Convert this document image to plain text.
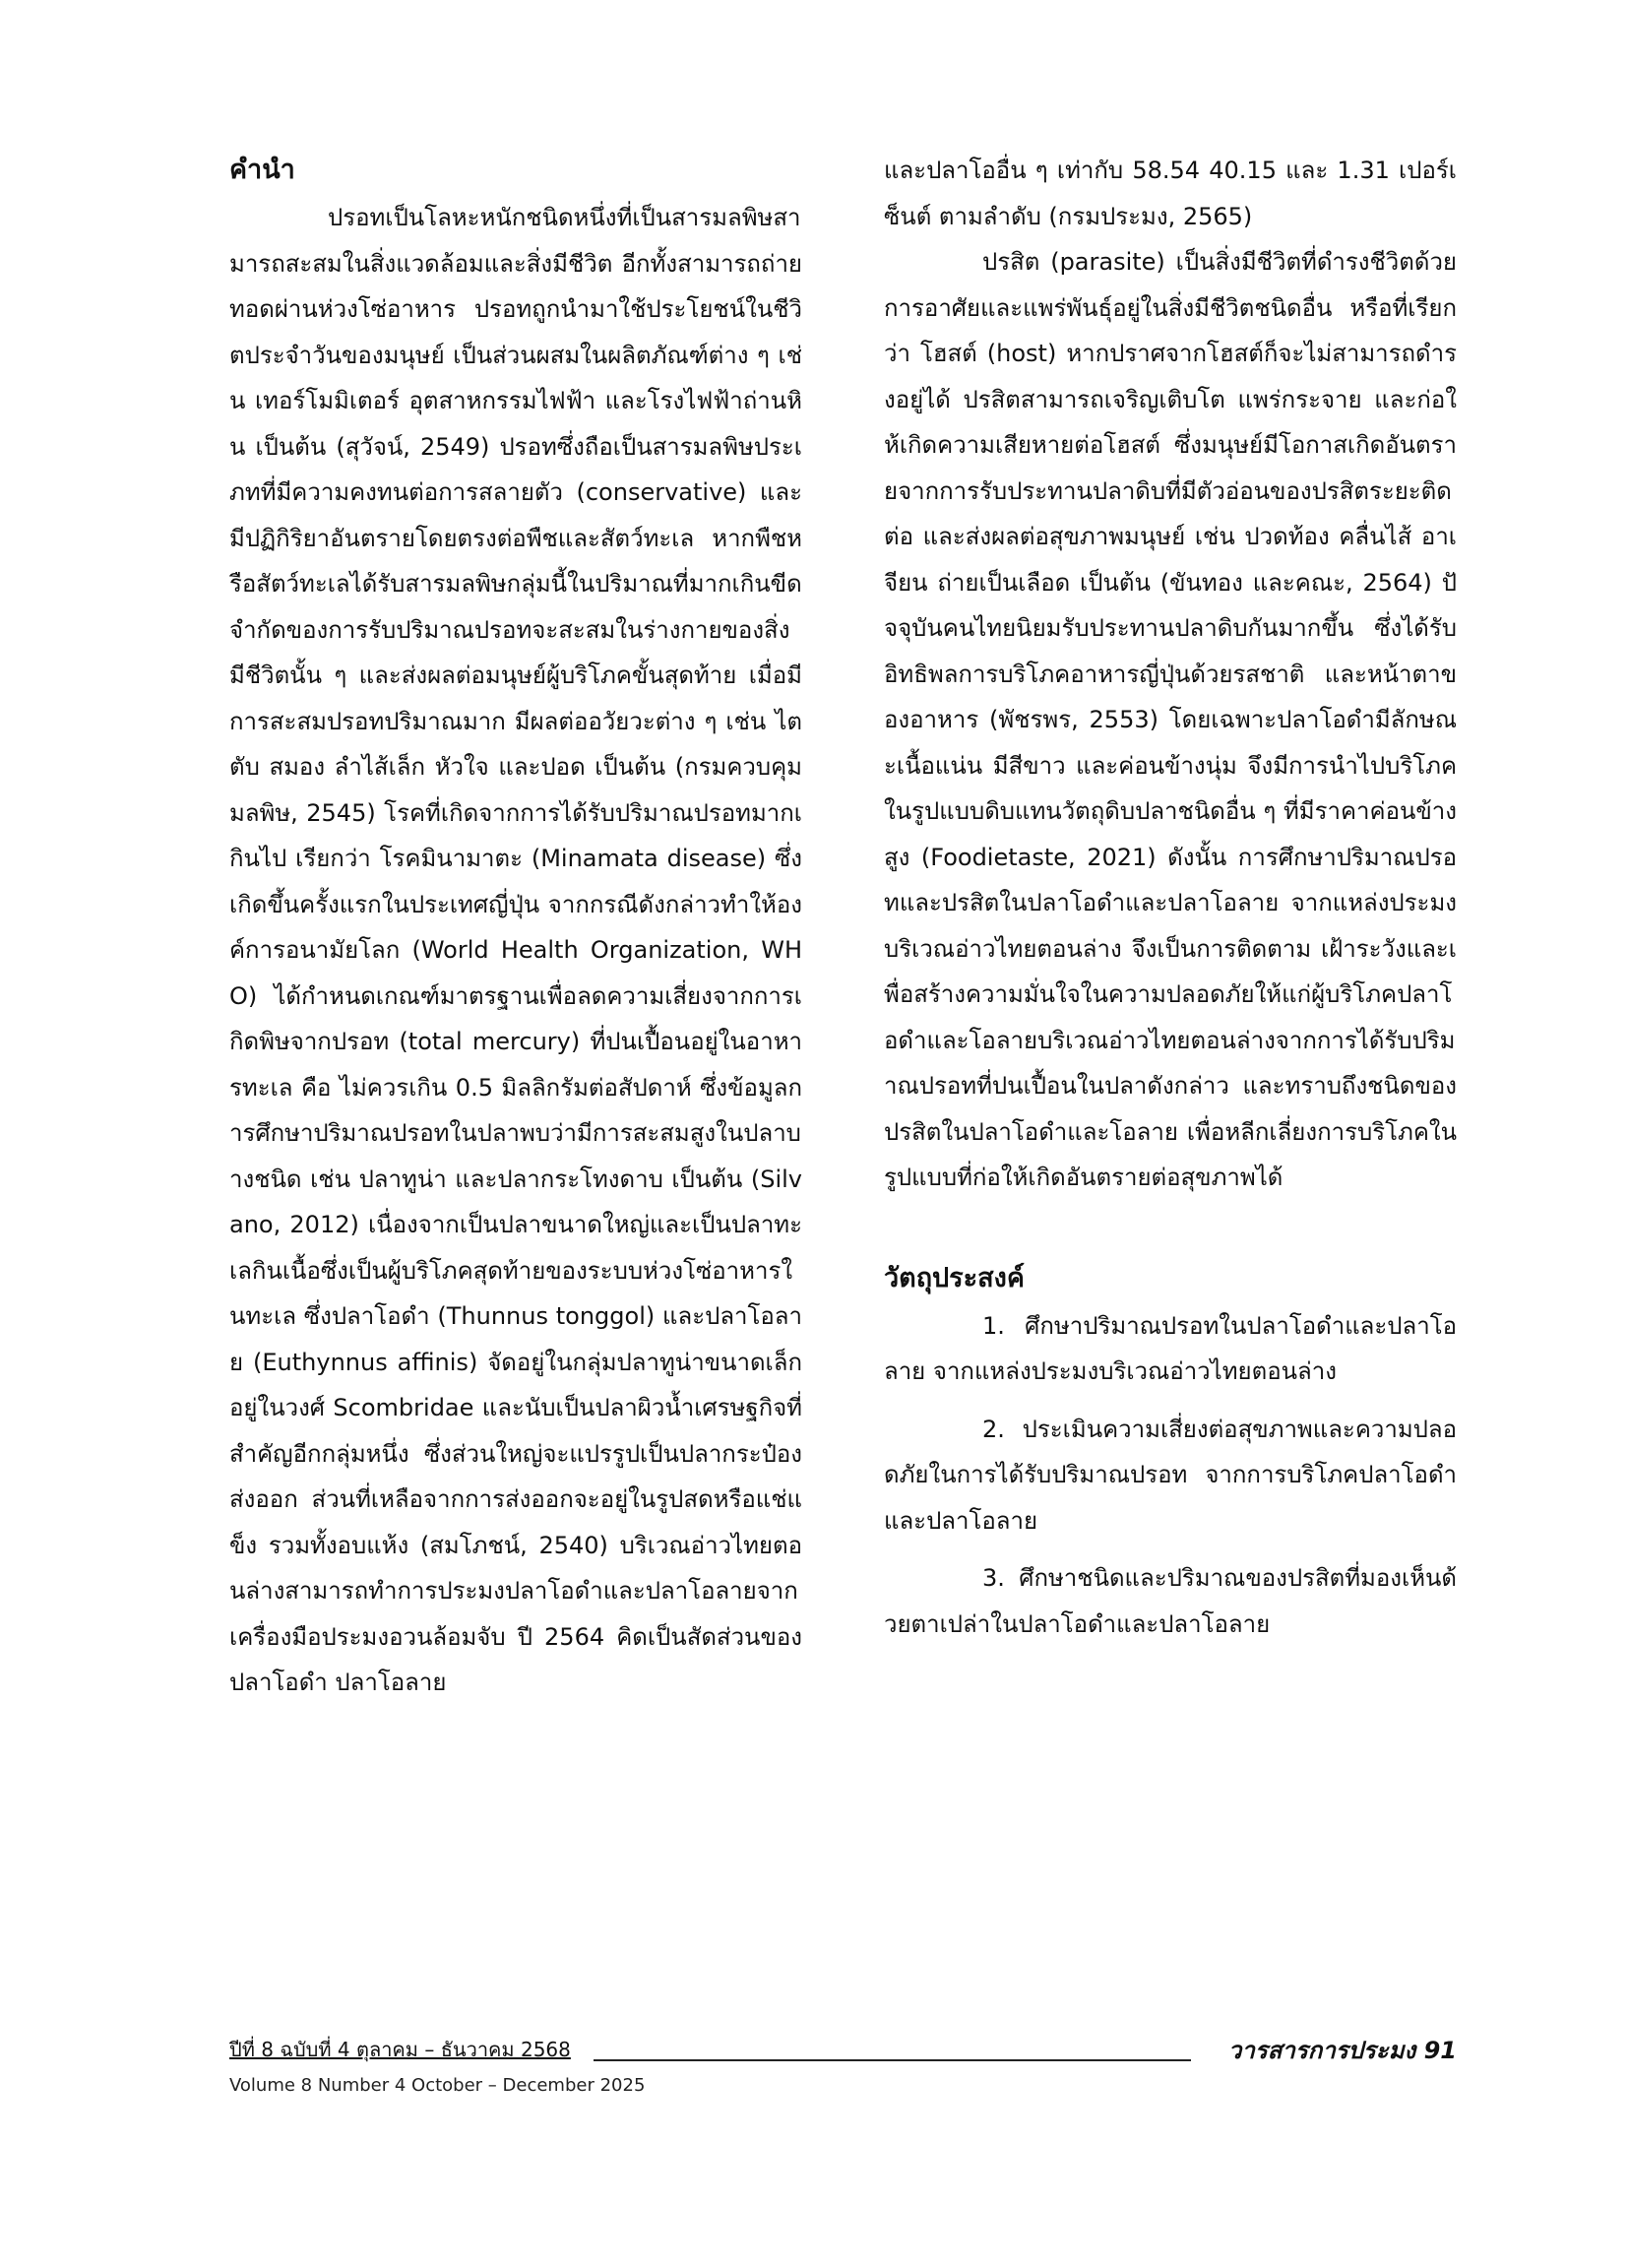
คำนำ

ปรอทเป็นโลหะหนักชนิดหนึ่งที่เป็นสารมลพิษสามารถสะสมในสิ่งแวดล้อมและสิ่งมีชีวิต อีกทั้งสามารถถ่ายทอดผ่านห่วงโซ่อาหาร ปรอทถูกนำมาใช้ประโยชน์ในชีวิตประจำวันของมนุษย์ เป็นส่วนผสมในผลิตภัณฑ์ต่าง ๆ เช่น เทอร์โมมิเตอร์ อุตสาหกรรมไฟฟ้า และโรงไฟฟ้าถ่านหิน เป็นต้น (สุวัจน์, 2549) ปรอทซึ่งถือเป็นสารมลพิษประเภทที่มีความคงทนต่อการสลายตัว (conservative) และมีปฏิกิริยาอันตรายโดยตรงต่อพืชและสัตว์ทะเล หากพืชหรือสัตว์ทะเลได้รับสารมลพิษกลุ่มนี้ในปริมาณที่มากเกินขีดจำกัดของการรับปริมาณปรอทจะสะสมในร่างกายของสิ่งมีชีวิตนั้น ๆ และส่งผลต่อมนุษย์ผู้บริโภคขั้นสุดท้าย เมื่อมีการสะสมปรอทปริมาณมาก มีผลต่ออวัยวะต่าง ๆ เช่น ไต ตับ สมอง ลำไส้เล็ก หัวใจ และปอด เป็นต้น (กรมควบคุมมลพิษ, 2545) โรคที่เกิดจากการได้รับปริมาณปรอทมากเกินไป เรียกว่า โรคมินามาตะ (Minamata disease) ซึ่งเกิดขึ้นครั้งแรกในประเทศญี่ปุ่น จากกรณีดังกล่าวทำให้องค์การอนามัยโลก (World Health Organization, WHO) ได้กำหนดเกณฑ์มาตรฐานเพื่อลดความเสี่ยงจากการเกิดพิษจากปรอท (total mercury) ที่ปนเปื้อนอยู่ในอาหารทะเล คือ ไม่ควรเกิน 0.5 มิลลิกรัมต่อสัปดาห์ ซึ่งข้อมูลการศึกษาปริมาณปรอทในปลาพบว่ามีการสะสมสูงในปลาบางชนิด เช่น ปลาทูน่า และปลากระโทงดาบ เป็นต้น (Silvano, 2012) เนื่องจากเป็นปลาขนาดใหญ่และเป็นปลาทะเลกินเนื้อซึ่งเป็นผู้บริโภคสุดท้ายของระบบห่วงโซ่อาหารในทะเล ซึ่งปลาโอดำ (Thunnus tonggol) และปลาโอลาย (Euthynnus affinis) จัดอยู่ในกลุ่มปลาทูน่าขนาดเล็กอยู่ในวงศ์ Scombridae และนับเป็นปลาผิวน้ำเศรษฐกิจที่สำคัญอีกกลุ่มหนึ่ง ซึ่งส่วนใหญ่จะแปรรูปเป็นปลากระป๋องส่งออก ส่วนที่เหลือจากการส่งออกจะอยู่ในรูปสดหรือแช่แข็ง รวมทั้งอบแห้ง (สมโภชน์, 2540) บริเวณอ่าวไทยตอนล่างสามารถทำการประมงปลาโอดำและปลาโอลายจากเครื่องมือประมงอวนล้อมจับ ปี 2564 คิดเป็นสัดส่วนของปลาโอดำ ปลาโอลาย

และปลาโออื่น ๆ เท่ากับ 58.54 40.15 และ 1.31 เปอร์เซ็นต์ ตามลำดับ (กรมประมง, 2565)

ปรสิต (parasite) เป็นสิ่งมีชีวิตที่ดำรงชีวิตด้วยการอาศัยและแพร่พันธุ์อยู่ในสิ่งมีชีวิตชนิดอื่น หรือที่เรียกว่า โฮสต์ (host) หากปราศจากโฮสต์ก็จะไม่สามารถดำรงอยู่ได้ ปรสิตสามารถเจริญเติบโต แพร่กระจาย และก่อให้เกิดความเสียหายต่อโฮสต์ ซึ่งมนุษย์มีโอกาสเกิดอันตรายจากการรับประทานปลาดิบที่มีตัวอ่อนของปรสิตระยะติดต่อ และส่งผลต่อสุขภาพมนุษย์ เช่น ปวดท้อง คลื่นไส้ อาเจียน ถ่ายเป็นเลือด เป็นต้น (ขันทอง และคณะ, 2564) ปัจจุบันคนไทยนิยมรับประทานปลาดิบกันมากขึ้น ซึ่งได้รับอิทธิพลการบริโภคอาหารญี่ปุ่นด้วยรสชาติ และหน้าตาของอาหาร (พัชรพร, 2553) โดยเฉพาะปลาโอดำมีลักษณะเนื้อแน่น มีสีขาว และค่อนข้างนุ่ม จึงมีการนำไปบริโภคในรูปแบบดิบแทนวัตถุดิบปลาชนิดอื่น ๆ ที่มีราคาค่อนข้างสูง (Foodietaste, 2021) ดังนั้น การศึกษาปริมาณปรอทและปรสิตในปลาโอดำและปลาโอลาย จากแหล่งประมงบริเวณอ่าวไทยตอนล่าง จึงเป็นการติดตาม เฝ้าระวังและเพื่อสร้างความมั่นใจในความปลอดภัยให้แก่ผู้บริโภคปลาโอดำและโอลายบริเวณอ่าวไทยตอนล่างจากการได้รับปริมาณปรอทที่ปนเปื้อนในปลาดังกล่าว และทราบถึงชนิดของปรสิตในปลาโอดำและโอลาย เพื่อหลีกเลี่ยงการบริโภคในรูปแบบที่ก่อให้เกิดอันตรายต่อสุขภาพได้

วัตถุประสงค์

1. ศึกษาปริมาณปรอทในปลาโอดำและปลาโอลาย จากแหล่งประมงบริเวณอ่าวไทยตอนล่าง

2. ประเมินความเสี่ยงต่อสุขภาพและความปลอดภัยในการได้รับปริมาณปรอท จากการบริโภคปลาโอดำและปลาโอลาย

3. ศึกษาชนิดและปริมาณของปรสิตที่มองเห็นด้วยตาเปล่าในปลาโอดำและปลาโอลาย

ปีที่ 8 ฉบับที่ 4 ตุลาคม – ธันวาคม 2568	วารสารการประมง 91
Volume 8 Number 4 October – December 2025
